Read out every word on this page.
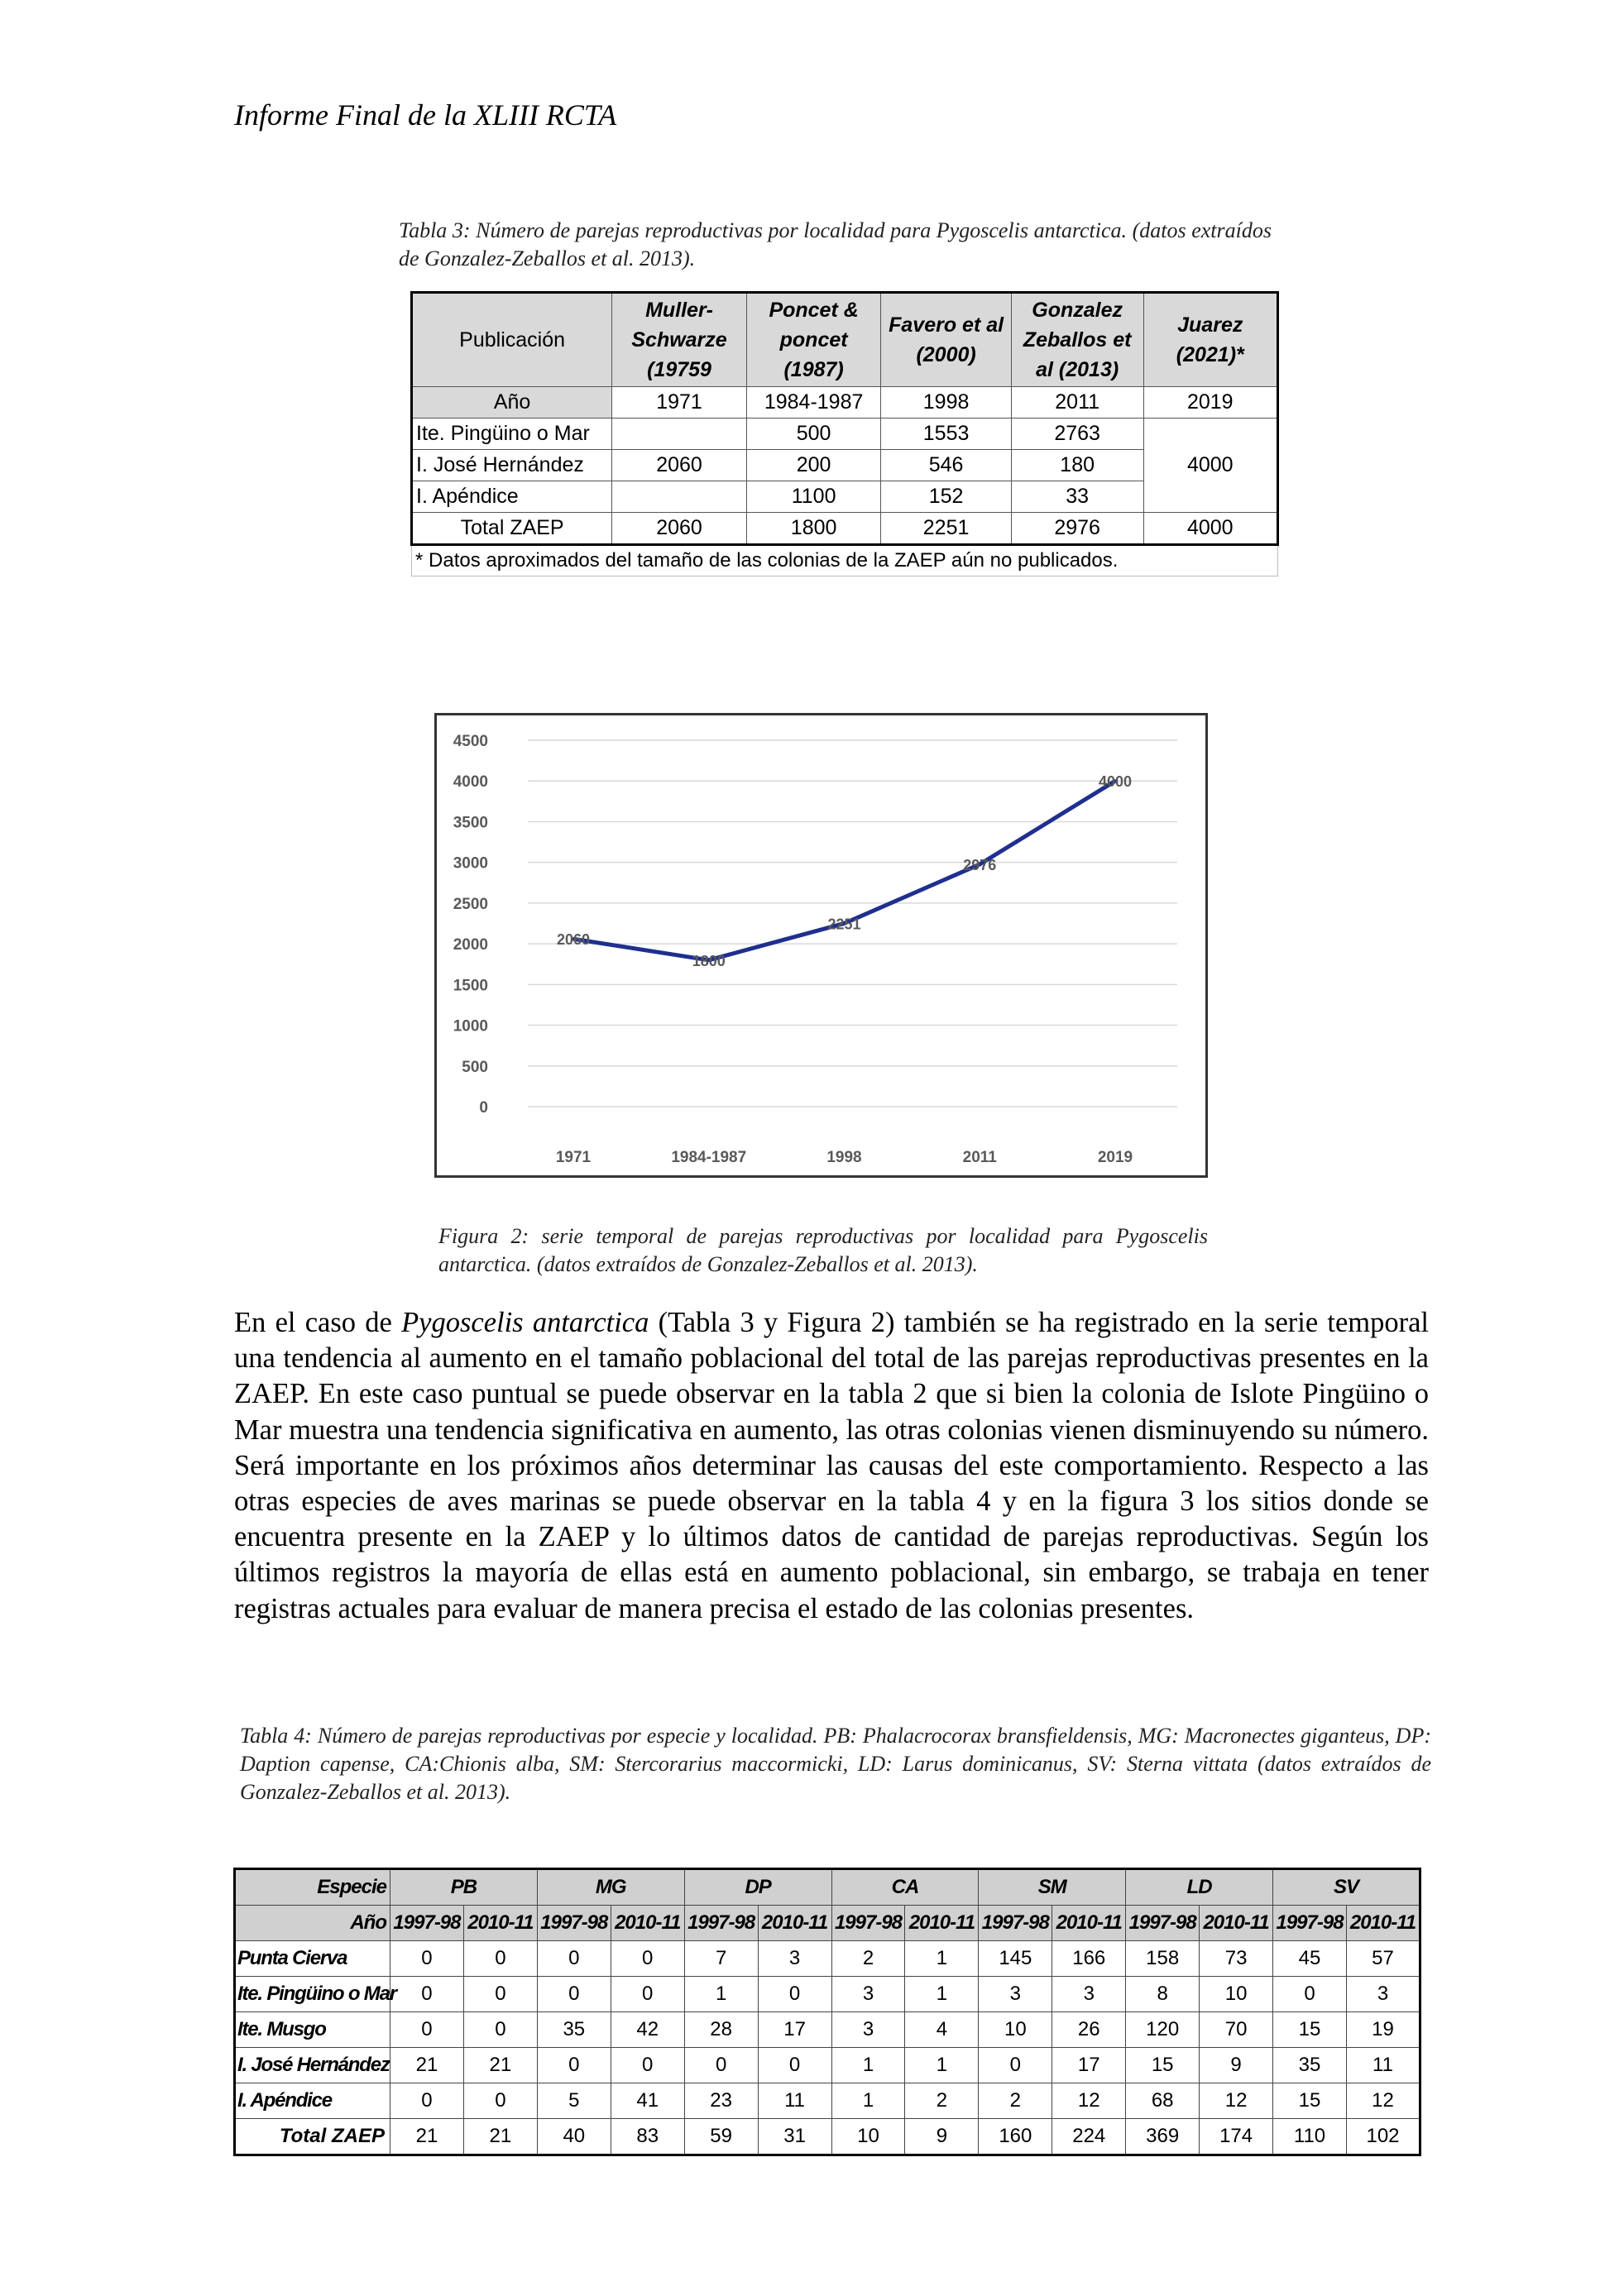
Informe Final de la XLIII RCTA
Tabla 3: Número de parejas reproductivas por localidad para Pygoscelis antarctica. (datos extraídos de Gonzalez-Zeballos et al. 2013).
Publicación	Muller-Schwarze (19759	Poncet & poncet (1987)	Favero et al (2000)	Gonzalez Zeballos et al (2013)	Juarez (2021)*
Año	1971	1984-1987	1998	2011	2019
Ite. Pingüino o Mar		500	1553	2763	4000
I. José Hernández	2060	200	546	180	
I. Apéndice		1100	152	33	
Total ZAEP	2060	1800	2251	2976	4000
* Datos aproximados del tamaño de las colonias de la ZAEP aún no publicados.					
0
500
1000
1500
2000
2500
3000
3500
4000
4500
1971	1984-1987	1998	2011	2019
2060
1800
2251
2976
4000
Figura 2: serie temporal de parejas reproductivas por localidad para Pygoscelis antarctica. (datos extraídos de Gonzalez-Zeballos et al. 2013).
En el caso de Pygoscelis antarctica (Tabla 3 y Figura 2) también se ha registrado en la serie temporal una tendencia al aumento en el tamaño poblacional del total de las parejas reproductivas presentes en la ZAEP. En este caso puntual se puede observar en la tabla 2 que si bien la colonia de Islote Pingüino o Mar muestra una tendencia significativa en aumento, las otras colonias vienen disminuyendo su número. Será importante en los próximos años determinar las causas del este comportamiento. Respecto a las otras especies de aves marinas se puede observar en la tabla 4 y en la figura 3 los sitios donde se encuentra presente en la ZAEP y lo últimos datos de cantidad de parejas reproductivas. Según los últimos registros la mayoría de ellas está en aumento poblacional, sin embargo, se trabaja en tener registras actuales para evaluar de manera precisa el estado de las colonias presentes.
Tabla 4: Número de parejas reproductivas por especie y localidad. PB: Phalacrocorax bransfieldensis, MG: Macronectes giganteus, DP: Daption capense, CA:Chionis alba, SM: Stercorarius maccormicki, LD: Larus dominicanus, SV: Sterna vittata (datos extraídos de Gonzalez-Zeballos et al. 2013).
Especie	PB		MG		DP		CA		SM		LD		SV	
Año	1997-98	2010-11	1997-98	2010-11	1997-98	2010-11	1997-98	2010-11	1997-98	2010-11	1997-98	2010-11	1997-98	2010-11
Punta Cierva	0	0	0	0	7	3	2	1	145	166	158	73	45	57
Ite. Pingüino o Mar	0	0	0	0	1	0	3	1	3	3	8	10	0	3
Ite. Musgo	0	0	35	42	28	17	3	4	10	26	120	70	15	19
I. José Hernández	21	21	0	0	0	0	1	1	0	17	15	9	35	11
I. Apéndice	0	0	5	41	23	11	1	2	2	12	68	12	15	12
Total ZAEP	21	21	40	83	59	31	10	9	160	224	369	174	110	102
